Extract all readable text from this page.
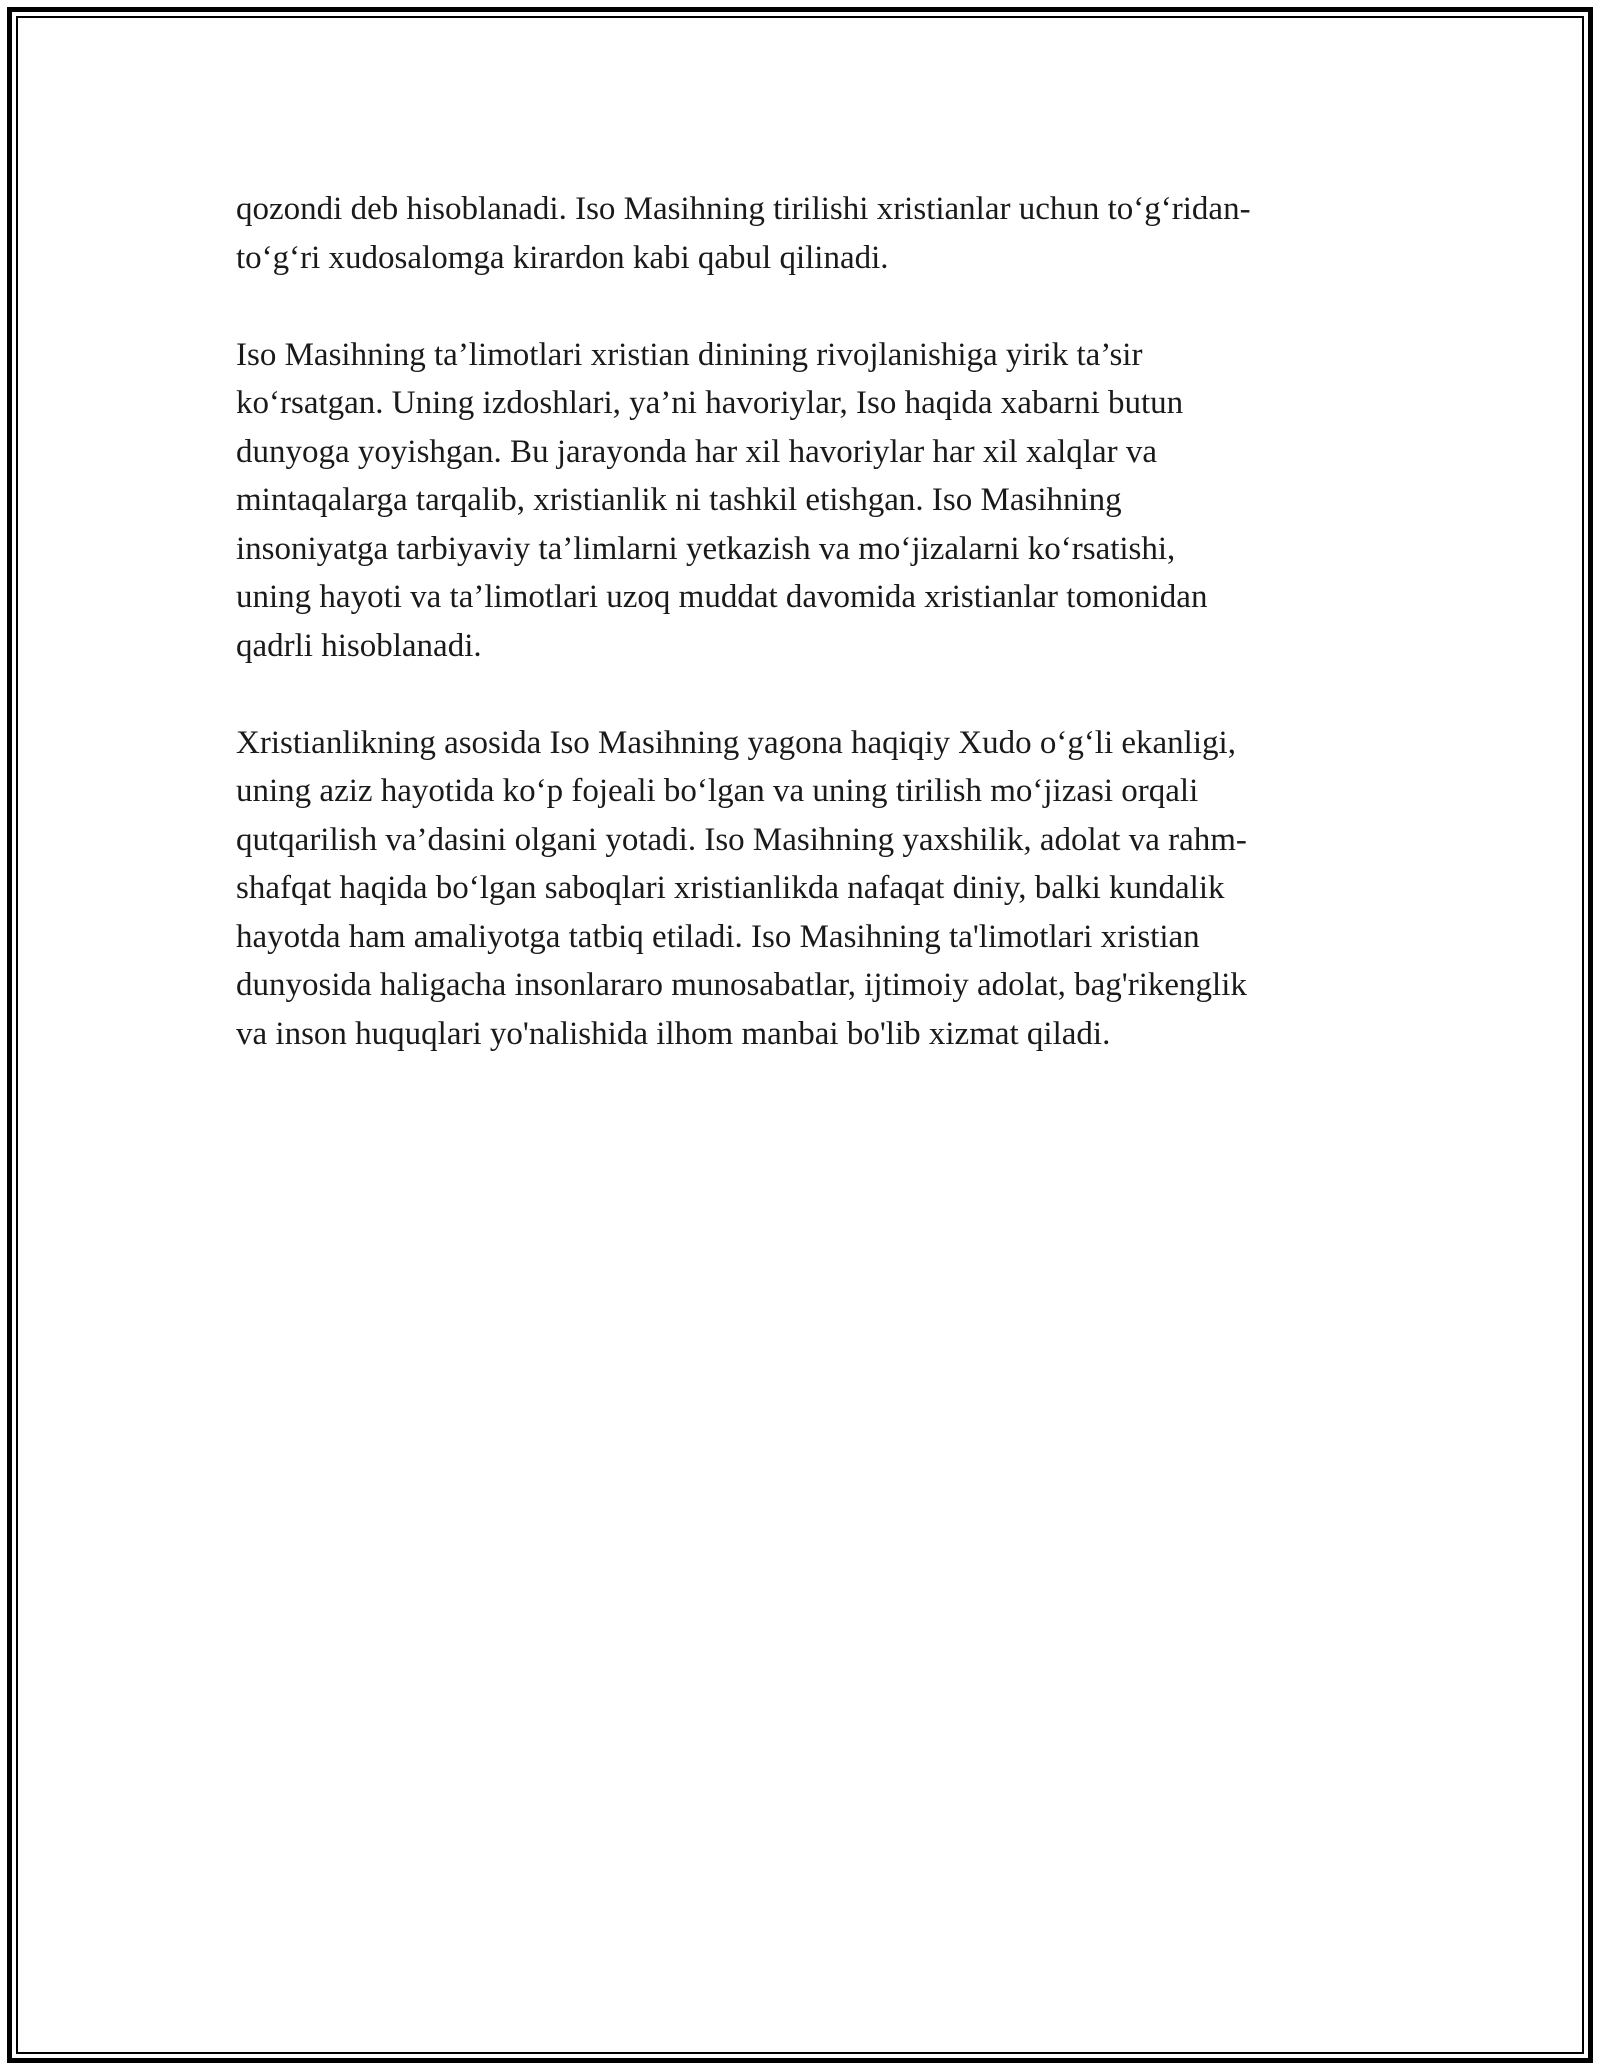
qozondi deb hisoblanadi. Iso Masihning tirilishi xristianlar uchun to‘g‘ridan-
to‘g‘ri xudosalomga kirardon kabi qabul qilinadi.

Iso Masihning ta’limotlari xristian dinining rivojlanishiga yirik ta’sir
ko‘rsatgan. Uning izdoshlari, ya’ni havoriylar, Iso haqida xabarni butun
dunyoga yoyishgan. Bu jarayonda har xil havoriylar har xil xalqlar va
mintaqalarga tarqalib, xristianlik ni tashkil etishgan. Iso Masihning
insoniyatga tarbiyaviy ta’limlarni yetkazish va mo‘jizalarni ko‘rsatishi,
uning hayoti va ta’limotlari uzoq muddat davomida xristianlar tomonidan
qadrli hisoblanadi.

Xristianlikning asosida Iso Masihning yagona haqiqiy Xudo o‘g‘li ekanligi,
uning aziz hayotida ko‘p fojeali bo‘lgan va uning tirilish mo‘jizasi orqali
qutqarilish va’dasini olgani yotadi. Iso Masihning yaxshilik, adolat va rahm-
shafqat haqida bo‘lgan saboqlari xristianlikda nafaqat diniy, balki kundalik
hayotda ham amaliyotga tatbiq etiladi. Iso Masihning ta'limotlari xristian
dunyosida haligacha insonlararo munosabatlar, ijtimoiy adolat, bag'rikenglik
va inson huquqlari yo'nalishida ilhom manbai bo'lib xizmat qiladi.
